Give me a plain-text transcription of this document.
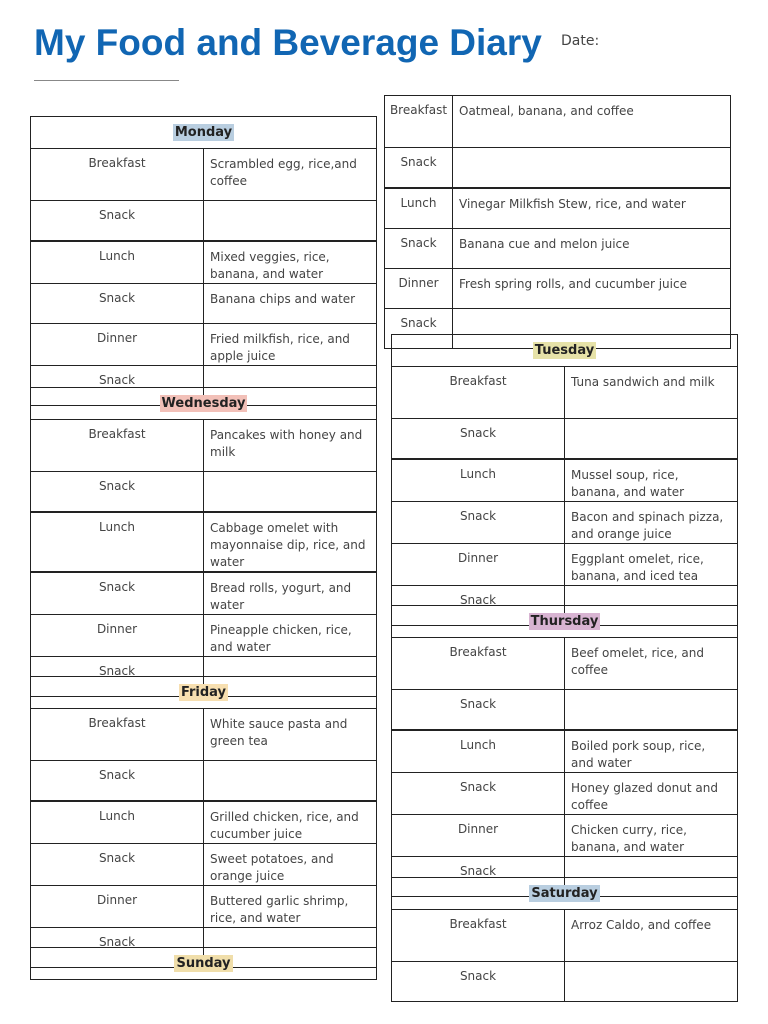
My Food and Beverage Diary Date:
Breakfast	Oatmeal, banana, and coffee
Snack	
Lunch	Vinegar Milkfish Stew, rice, and water
Snack	Banana cue and melon juice
Dinner	Fresh spring rolls, and cucumber juice
Snack	
Monday	
Breakfast	Scrambled egg, rice,and coffee
Snack	
Lunch	Mixed veggies, rice, banana, and water
Snack	Banana chips and water
Dinner	Fried milkfish, rice, and apple juice
Snack	
Tuesday	
Breakfast	Tuna sandwich and milk
Snack	
Lunch	Mussel soup, rice, banana, and water
Snack	Bacon and spinach pizza, and orange juice
Dinner	Eggplant omelet, rice, banana, and iced tea
Snack	
Wednesday	
Breakfast	Pancakes with honey and milk
Snack	
Lunch	Cabbage omelet with mayonnaise dip, rice, and water
Snack	Bread rolls, yogurt, and water
Dinner	Pineapple chicken, rice, and water
Snack	
Thursday	
Breakfast	Beef omelet, rice, and coffee
Snack	
Lunch	Boiled pork soup, rice, and water
Snack	Honey glazed donut and coffee
Dinner	Chicken curry, rice, banana, and water
Snack	
Friday	
Breakfast	White sauce pasta and green tea
Snack	
Lunch	Grilled chicken, rice, and cucumber juice
Snack	Sweet potatoes, and orange juice
Dinner	Buttered garlic shrimp, rice, and water
Snack	
Saturday	
Breakfast	Arroz Caldo, and coffee
Snack	
Sunday
